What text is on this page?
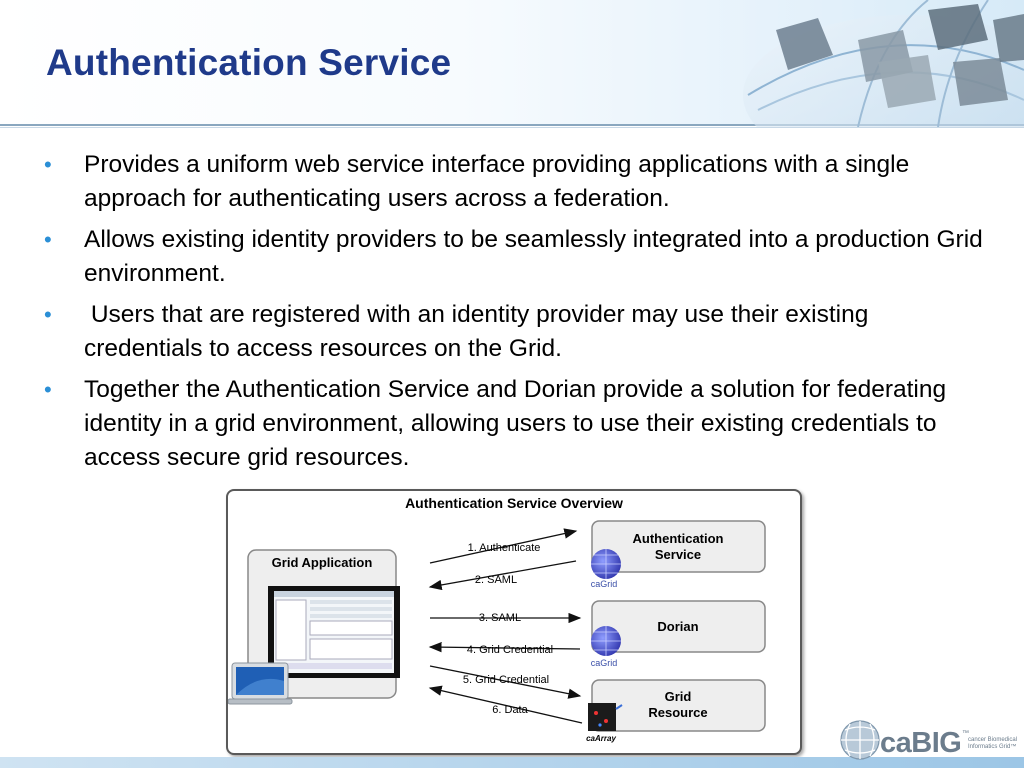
Authentication Service
• Provides a uniform web service interface providing applications with a single approach for authenticating users across a federation.
• Allows existing identity providers to be seamlessly integrated into a production Grid environment.
• Users that are registered with an identity provider may use their existing credentials to access resources on the Grid.
• Together the Authentication Service and Dorian provide a solution for federating identity in a grid environment, allowing users to use their existing credentials to access secure grid resources.
Authentication Service Overview
Grid Application
Authentication
Service
Dorian
Grid
Resource
1. Authenticate
2. SAML
3. SAML
4. Grid Credential
5. Grid Credential
6. Data
caGrid
caGrid
caArray	caBIG ™
cancer Biomedical Informatics Grid™
